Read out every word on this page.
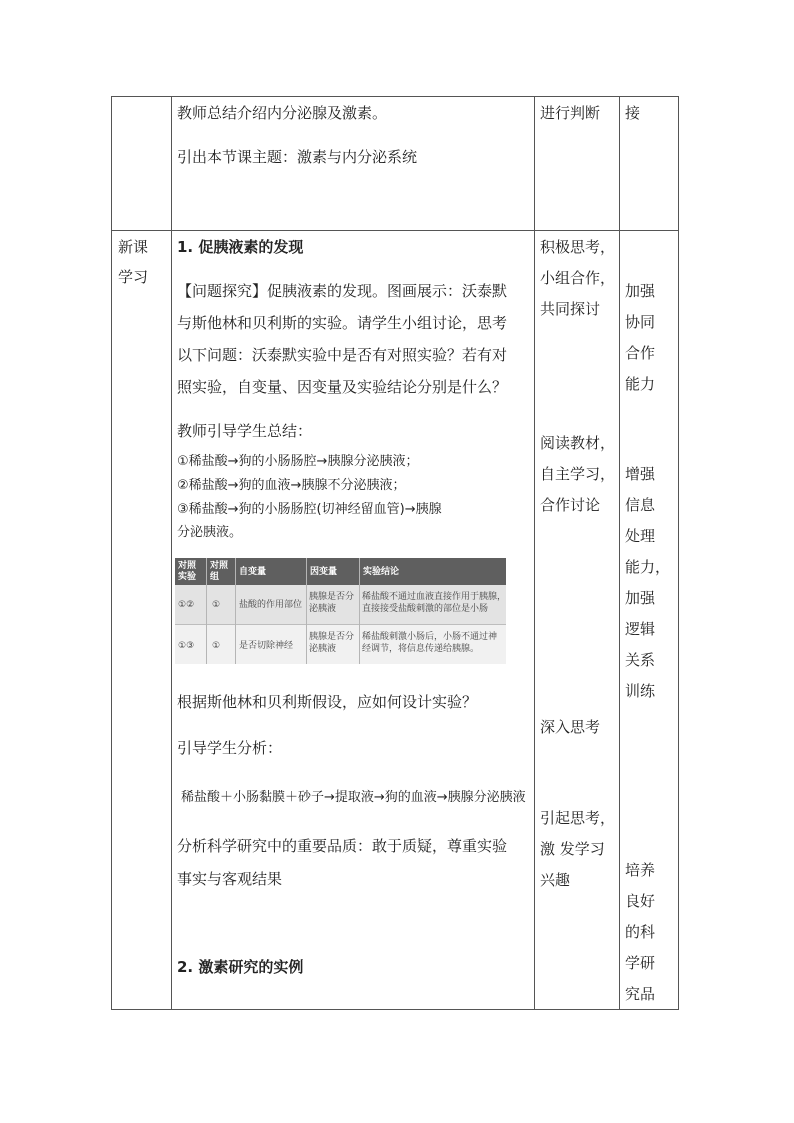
教师总结介绍内分泌腺及激素。
引出本节课主题：激素与内分泌系统
进行判断 接
新课
学习
1. 促胰液素的发现
【问题探究】促胰液素的发现。图画展示：沃泰默
与斯他林和贝利斯的实验。请学生小组讨论，思考
以下问题：沃泰默实验中是否有对照实验？若有对
照实验，自变量、因变量及实验结论分别是什么？
教师引导学生总结：
①稀盐酸→狗的小肠肠腔→胰腺分泌胰液；
②稀盐酸→狗的血液→胰腺不分泌胰液；
③稀盐酸→狗的小肠肠腔(切神经留血管)→胰腺
分泌胰液。
对照
实验
对照
组 自变量	因变量	实验结论
①② ① 盐酸的作用部位
胰腺是否分
泌胰液
稀盐酸不通过血液直接作用于胰腺，
直接接受盐酸刺激的部位是小肠
①③ ① 是否切除神经
胰腺是否分
泌胰液
稀盐酸刺激小肠后，小肠不通过神
经调节，将信息传递给胰腺。
根据斯他林和贝利斯假设，应如何设计实验？
引导学生分析：
稀盐酸＋小肠黏膜＋砂子→提取液→狗的血液→胰腺分泌胰液
分析科学研究中的重要品质：敢于质疑，尊重实验
事实与客观结果
2. 激素研究的实例
积极思考，
小组合作，
共同探讨
阅读教材，
自主学习，
合作讨论
深入思考
引起思考，
激 发学习
兴趣
加强
协同
合作
能力
增强
信息
处理
能力，
加强
逻辑
关系
训练
培养
良好
的科
学研
究品
